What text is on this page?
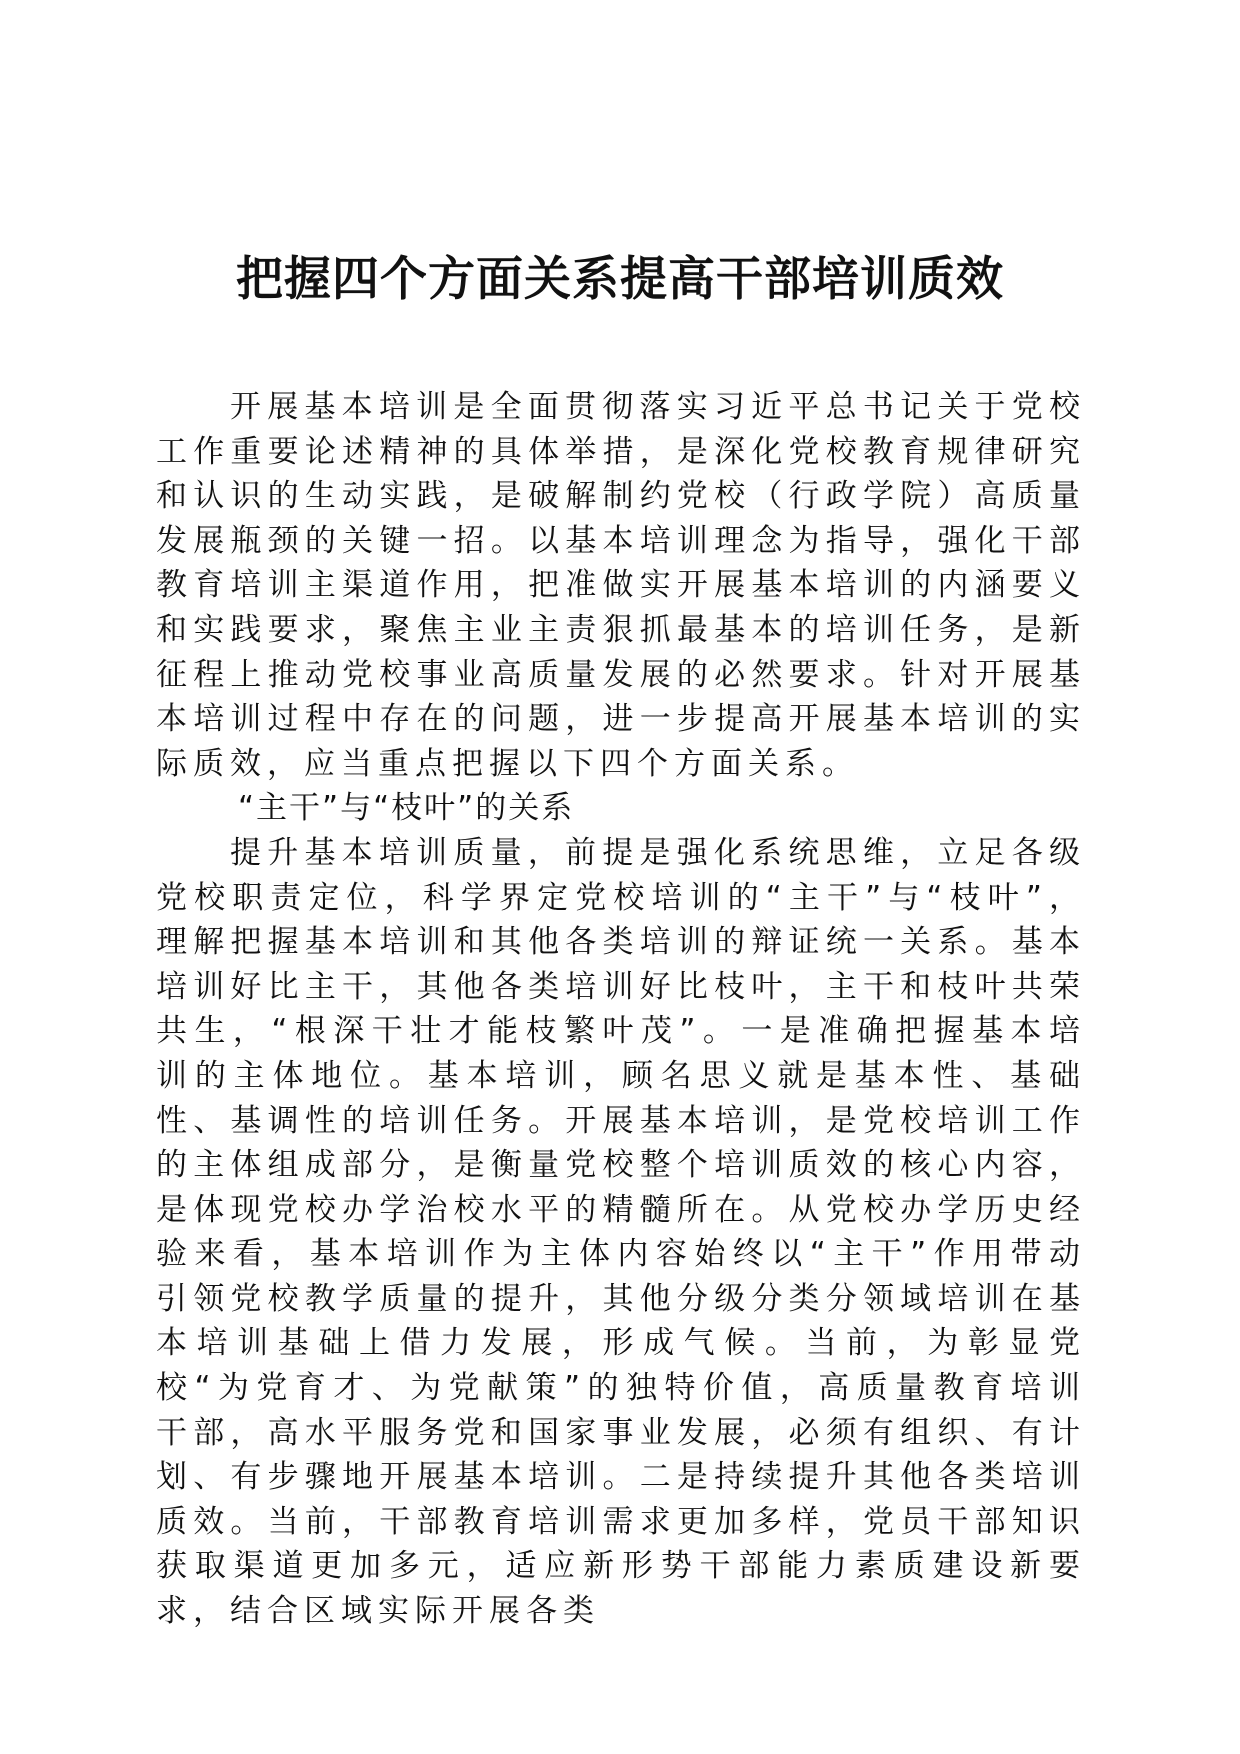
把握四个方面关系提高干部培训质效

开展基本培训是全面贯彻落实习近平总书记关于党校工作重要论述精神的具体举措，是深化党校教育规律研究和认识的生动实践，是破解制约党校（行政学院）高质量发展瓶颈的关键一招。以基本培训理念为指导，强化干部教育培训主渠道作用，把准做实开展基本培训的内涵要义和实践要求，聚焦主业主责狠抓最基本的培训任务，是新征程上推动党校事业高质量发展的必然要求。针对开展基本培训过程中存在的问题，进一步提高开展基本培训的实际质效，应当重点把握以下四个方面关系。

“主干”与“枝叶”的关系

提升基本培训质量，前提是强化系统思维，立足各级党校职责定位，科学界定党校培训的“主干”与“枝叶”，理解把握基本培训和其他各类培训的辩证统一关系。基本培训好比主干，其他各类培训好比枝叶，主干和枝叶共荣共生，“根深干壮才能枝繁叶茂”。一是准确把握基本培训的主体地位。基本培训，顾名思义就是基本性、基础性、基调性的培训任务。开展基本培训，是党校培训工作的主体组成部分，是衡量党校整个培训质效的核心内容，是体现党校办学治校水平的精髓所在。从党校办学历史经验来看，基本培训作为主体内容始终以“主干”作用带动引领党校教学质量的提升，其他分级分类分领域培训在基本培训基础上借力发展，形成气候。当前，为彰显党校“为党育才、为党献策”的独特价值，高质量教育培训干部，高水平服务党和国家事业发展，必须有组织、有计划、有步骤地开展基本培训。二是持续提升其他各类培训质效。当前，干部教育培训需求更加多样，党员干部知识获取渠道更加多元，适应新形势干部能力素质建设新要求，结合区域实际开展各类
